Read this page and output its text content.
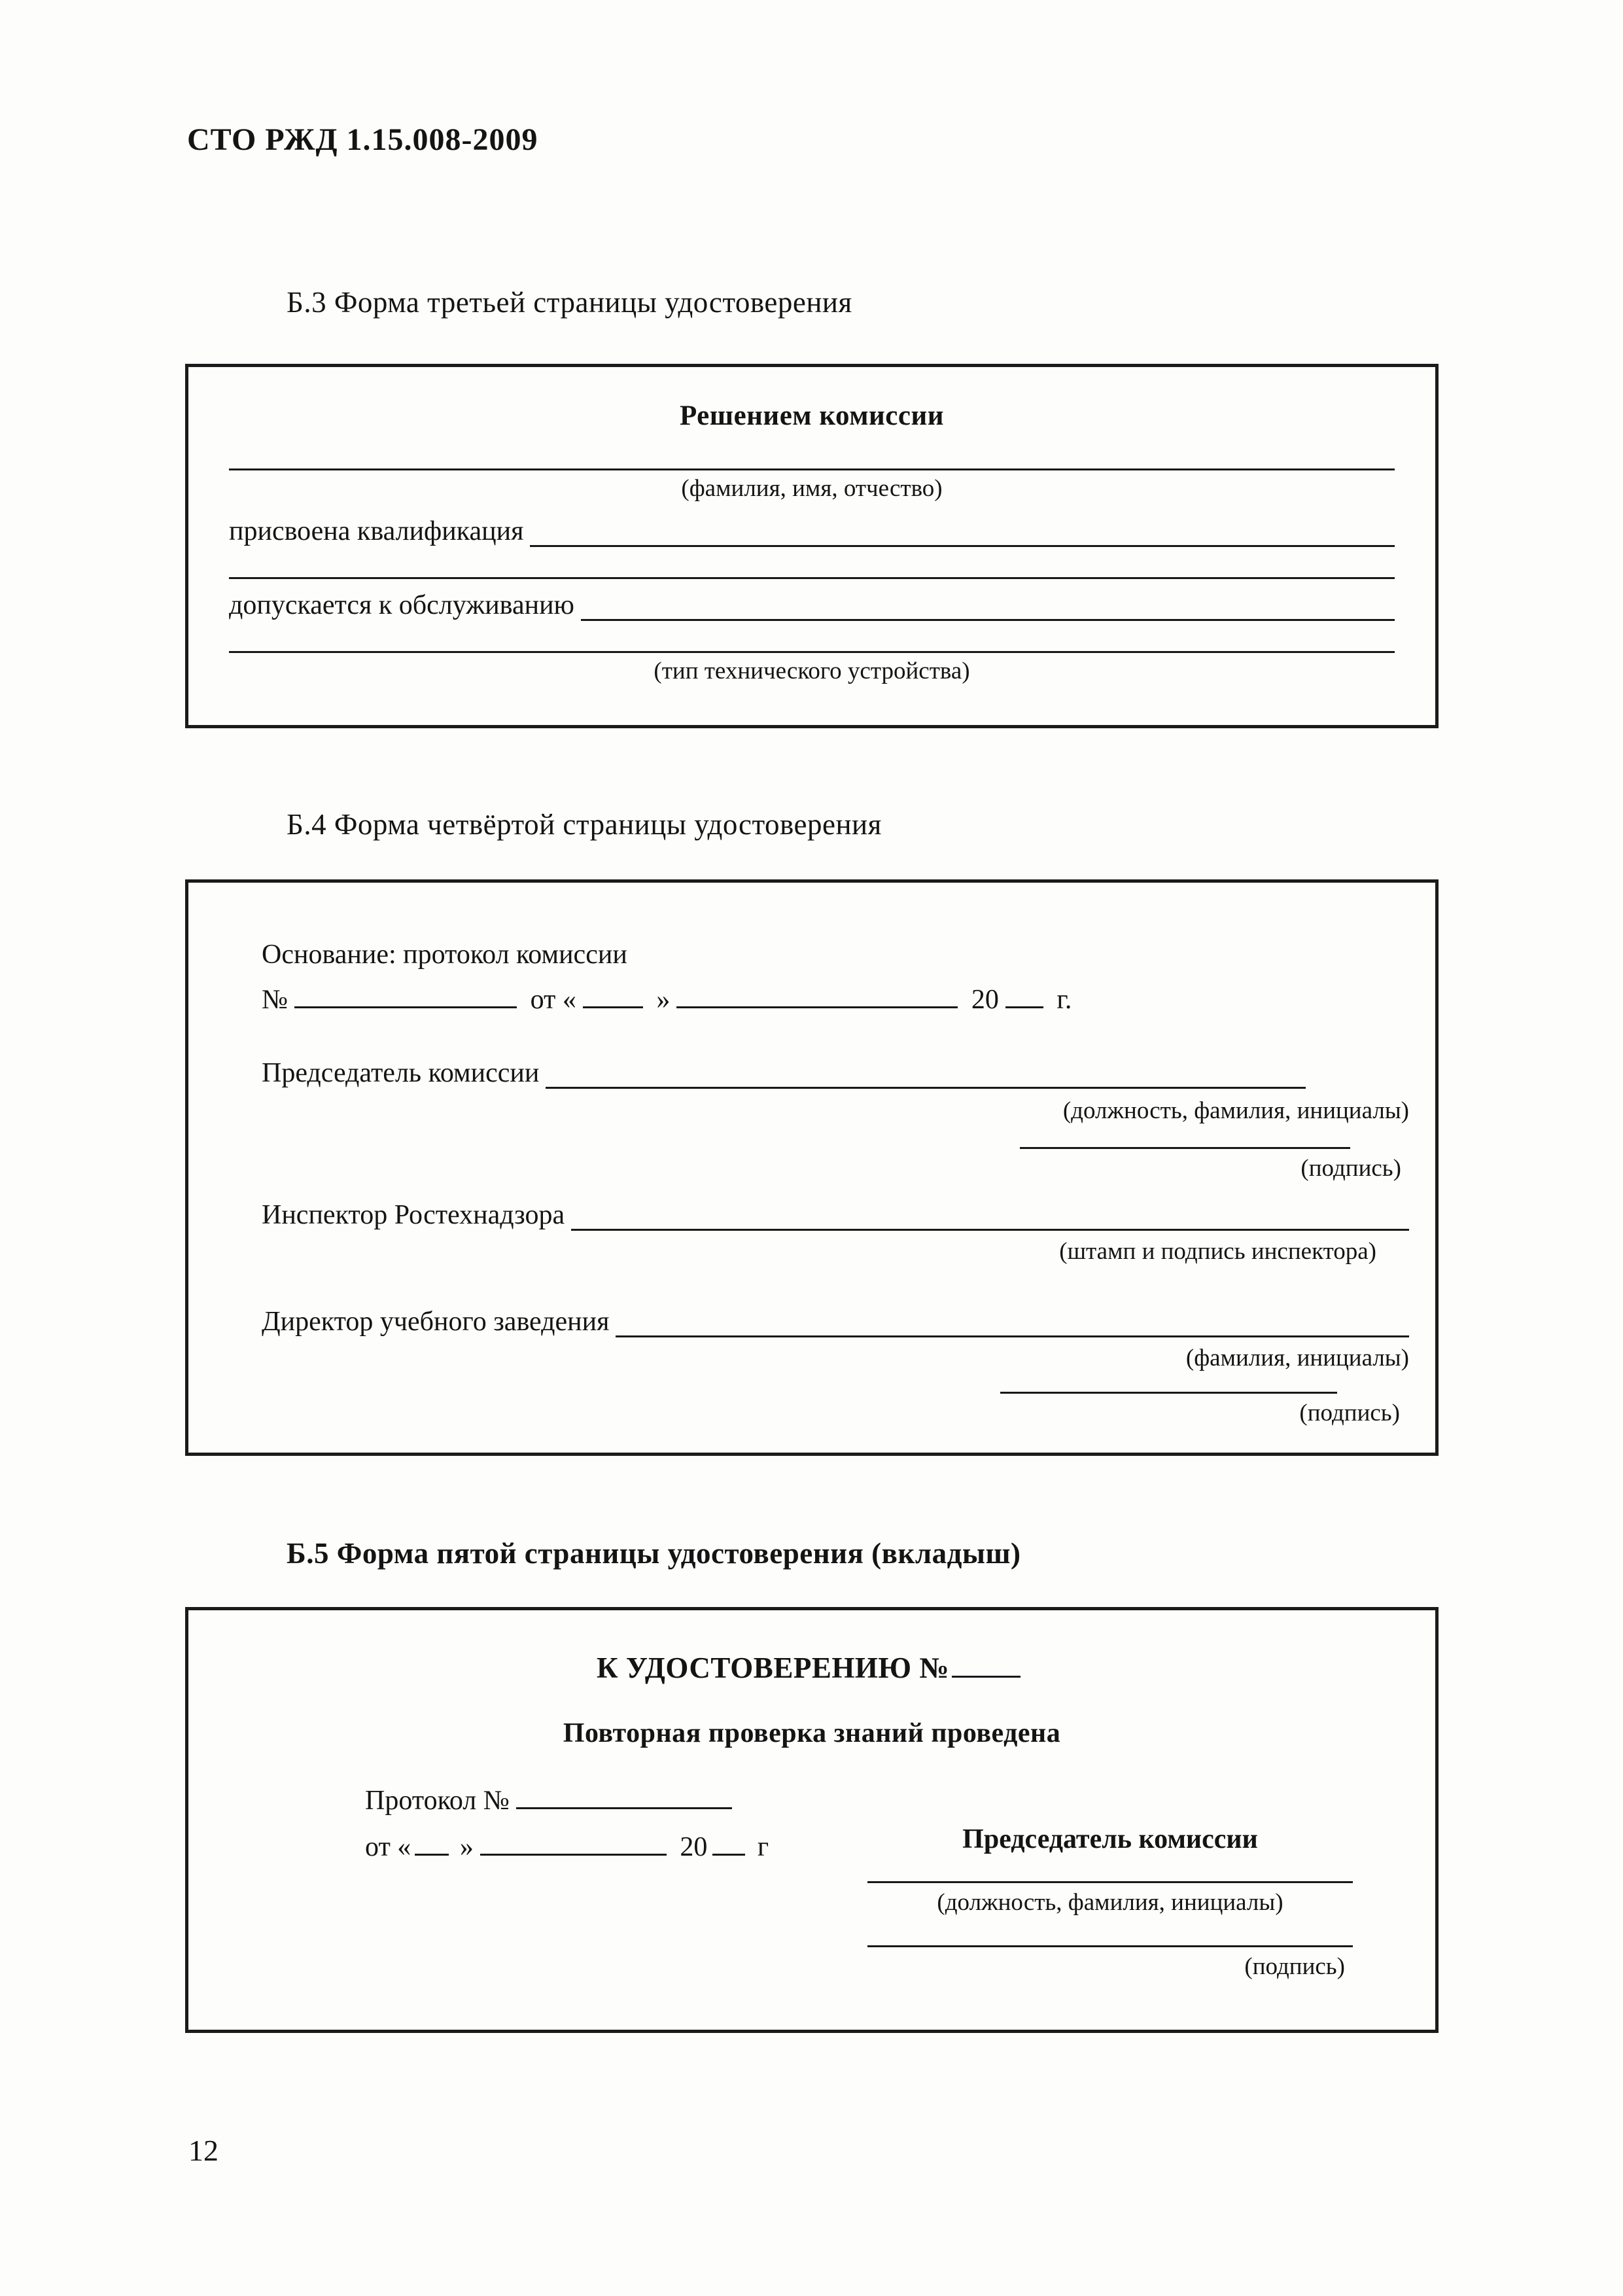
СТО РЖД 1.15.008-2009
Б.3 Форма третьей страницы удостоверения
Решением комиссии
(фамилия, имя, отчество)
присвоена квалификация
допускается к обслуживанию
(тип технического устройства)
Б.4 Форма четвёртой страницы удостоверения
Основание: протокол комиссии
№	от «	»	20 г.
Председатель комиссии
(должность, фамилия, инициалы)
(подпись)
Инспектор Ростехнадзора
(штамп и подпись инспектора)
Директор учебного заведения
(фамилия, инициалы)
(подпись)
Б.5 Форма пятой страницы удостоверения (вкладыш)
К УДОСТОВЕРЕНИЮ №
Повторная проверка знаний проведена
Протокол №
от « »	20 г	Председатель комиссии
(должность, фамилия, инициалы)
(подпись)
12
